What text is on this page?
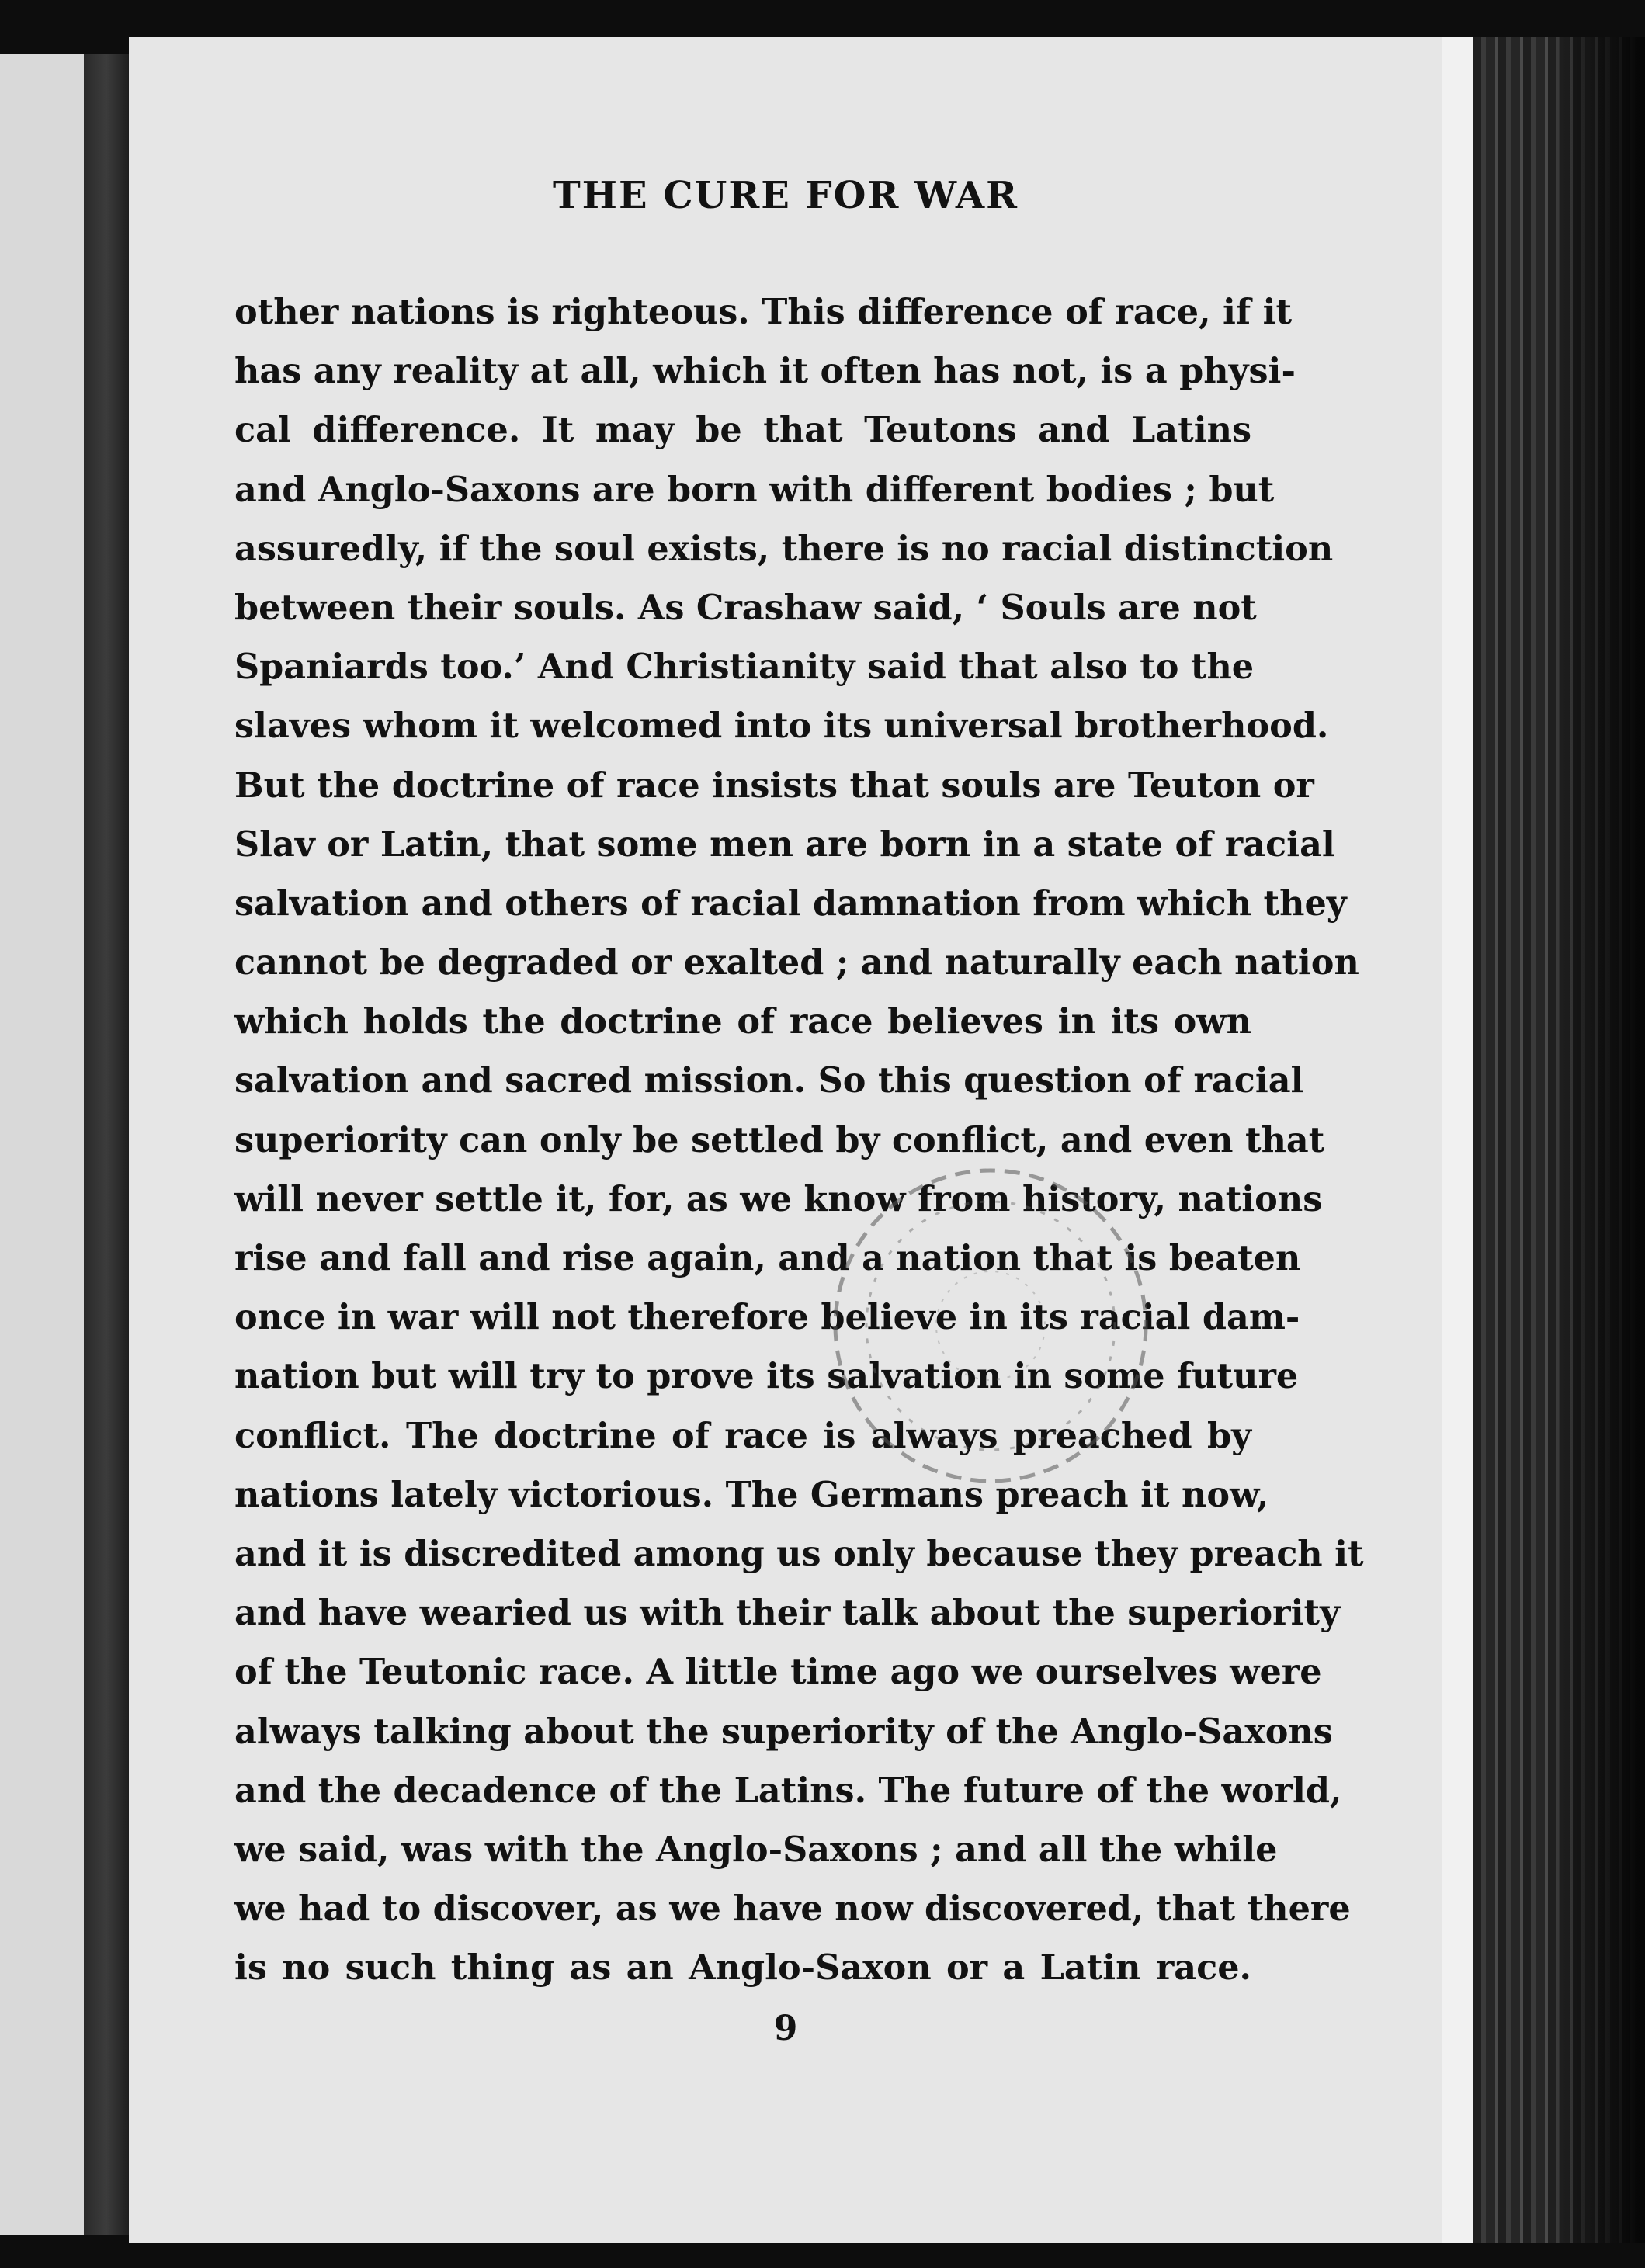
THE CURE FOR WAR
other nations is righteous. This difference of race, if it
has any reality at all, which it often has not, is a physi-
cal difference. It may be that Teutons and Latins
and Anglo-Saxons are born with different bodies ; but
assuredly, if the soul exists, there is no racial distinction
between their souls. As Crashaw said, ‘ Souls are not
Spaniards too.’ And Christianity said that also to the
slaves whom it welcomed into its universal brotherhood.
But the doctrine of race insists that souls are Teuton or
Slav or Latin, that some men are born in a state of racial
salvation and others of racial damnation from which they
cannot be degraded or exalted ; and naturally each nation
which holds the doctrine of race believes in its own
salvation and sacred mission. So this question of racial
superiority can only be settled by conflict, and even that
will never settle it, for, as we know from history, nations
rise and fall and rise again, and a nation that is beaten
once in war will not therefore believe in its racial dam-
nation but will try to prove its salvation in some future
conflict. The doctrine of race is always preached by
nations lately victorious. The Germans preach it now,
and it is discredited among us only because they preach it
and have wearied us with their talk about the superiority
of the Teutonic race. A little time ago we ourselves were
always talking about the superiority of the Anglo-Saxons
and the decadence of the Latins. The future of the world,
we said, was with the Anglo-Saxons ; and all the while
we had to discover, as we have now discovered, that there
is no such thing as an Anglo-Saxon or a Latin race.
9
